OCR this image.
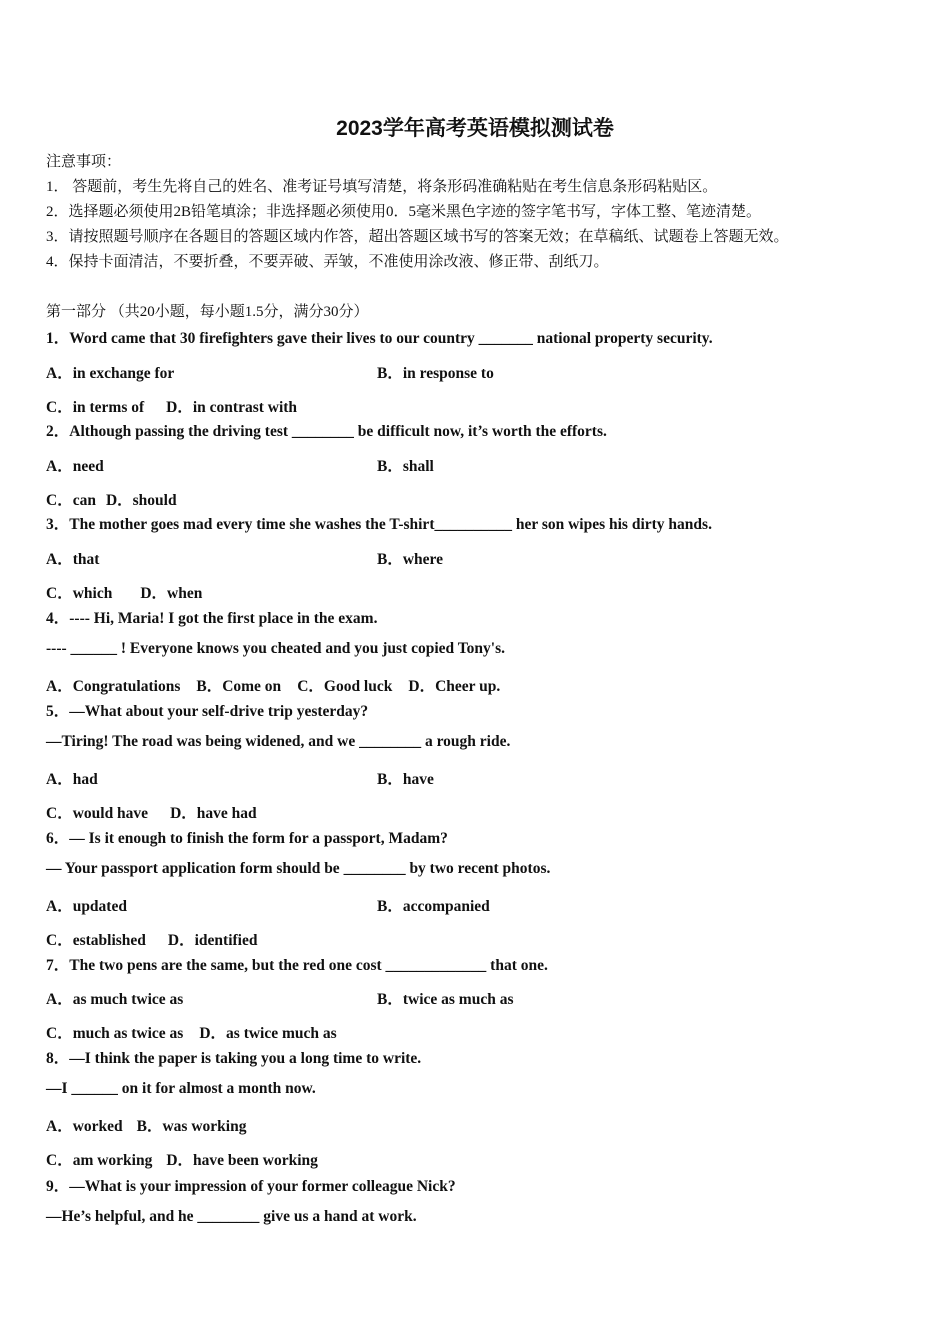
2023学年高考英语模拟测试卷
注意事项：
1． 答题前，考生先将自己的姓名、准考证号填写清楚，将条形码准确粘贴在考生信息条形码粘贴区。
2．选择题必须使用2B铅笔填涂；非选择题必须使用0．5毫米黑色字迹的签字笔书写，字体工整、笔迹清楚。
3．请按照题号顺序在各题目的答题区域内作答，超出答题区域书写的答案无效；在草稿纸、试题卷上答题无效。
4．保持卡面清洁，不要折叠，不要弄破、弄皱，不准使用涂改液、修正带、刮纸刀。
第一部分 （共20小题，每小题1.5分，满分30分）
1．Word came that 30 firefighters gave their lives to our country _______ national property security.
A．in exchange for	B．in response to
C．in terms of D．in contrast with
2．Although passing the driving test ________ be difficult now, it’s worth the efforts.
A．need	B．shall
C．can D．should
3．The mother goes mad every time she washes the T-shirt__________ her son wipes his dirty hands.
A．that	B．where
C．which D．when
4．---- Hi, Maria! I got the first place in the exam.
---- ______ ! Everyone knows you cheated and you just copied Tony's.
A．Congratulations B．Come on C．Good luck D．Cheer up.
5．—What about your self-drive trip yesterday?
—Tiring! The road was being widened, and we ________ a rough ride.
A．had	B．have
C．would have D．have had
6．— Is it enough to finish the form for a passport, Madam?
— Your passport application form should be ________ by two recent photos.
A．updated	B．accompanied
C．established D．identified
7．The two pens are the same, but the red one cost _____________ that one.
A．as much twice as	B．twice as much as
C．much as twice as D．as twice much as
8．—I think the paper is taking you a long time to write.
—I ______ on it for almost a month now.
A．worked B．was working
C．am working D．have been working
9．—What is your impression of your former colleague Nick?
—He’s helpful, and he ________ give us a hand at work.
